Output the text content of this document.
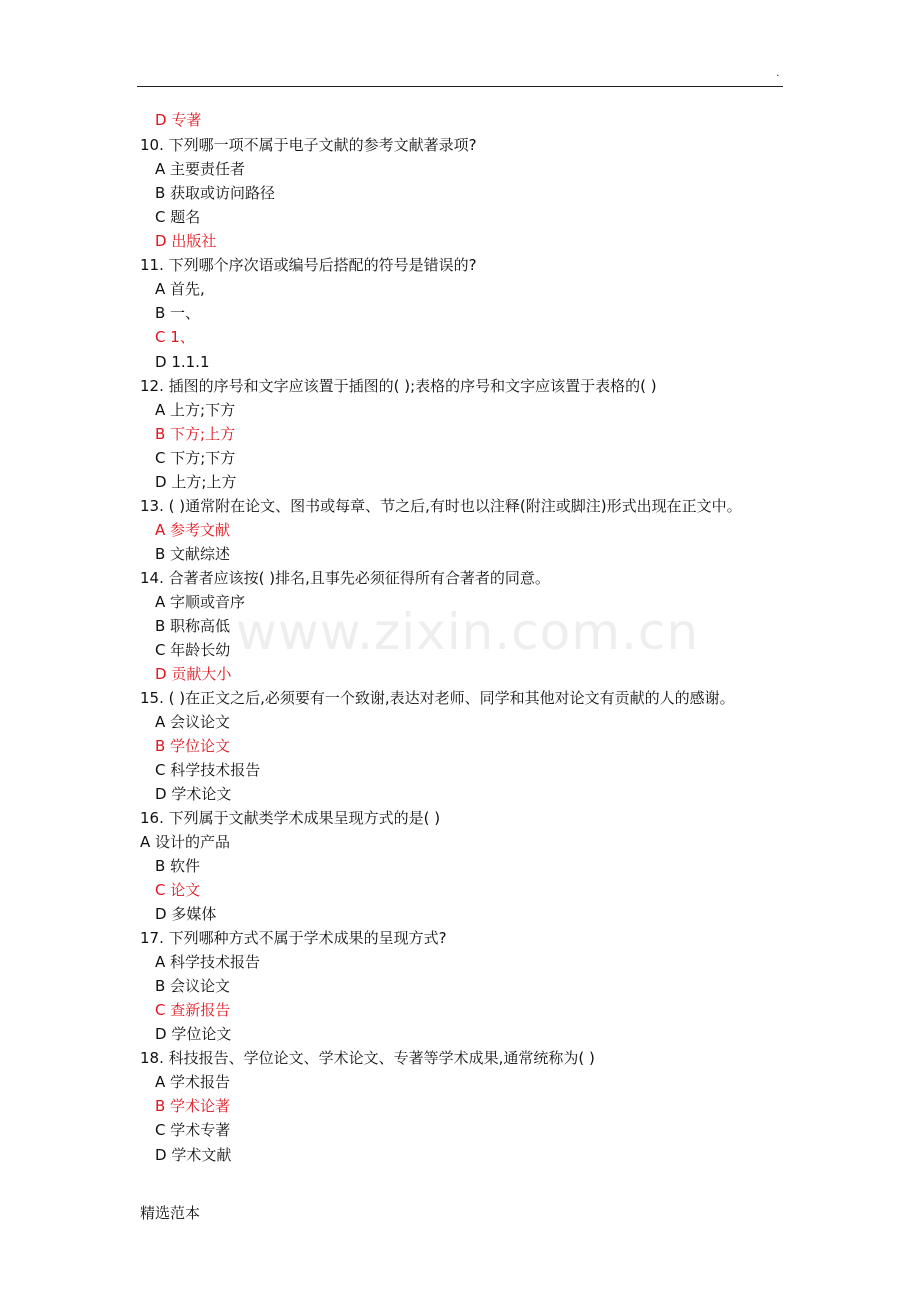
.
D 专著
10. 下列哪一项不属于电子文献的参考文献著录项?
A 主要责任者
B 获取或访问路径
C 题名
D 出版社
11. 下列哪个序次语或编号后搭配的符号是错误的?
A 首先,
B 一、
C 1、
D 1.1.1
12. 插图的序号和文字应该置于插图的( );表格的序号和文字应该置于表格的( )
A 上方;下方
B 下方;上方
C 下方;下方
D 上方;上方
13. ( )通常附在论文、图书或每章、节之后,有时也以注释(附注或脚注)形式出现在正文中。
A 参考文献
B 文献综述
14. 合著者应该按( )排名,且事先必须征得所有合著者的同意。
A 字顺或音序
B 职称高低
C 年龄长幼
D 贡献大小
15. ( )在正文之后,必须要有一个致谢,表达对老师、同学和其他对论文有贡献的人的感谢。
A 会议论文
B 学位论文
C 科学技术报告
D 学术论文
16. 下列属于文献类学术成果呈现方式的是( )
A 设计的产品
B 软件
C 论文
D 多媒体
17. 下列哪种方式不属于学术成果的呈现方式?
A 科学技术报告
B 会议论文
C 查新报告
D 学位论文
18. 科技报告、学位论文、学术论文、专著等学术成果,通常统称为( )
A 学术报告
B 学术论著
C 学术专著
D 学术文献
www.zixin.com.cn
精选范本
